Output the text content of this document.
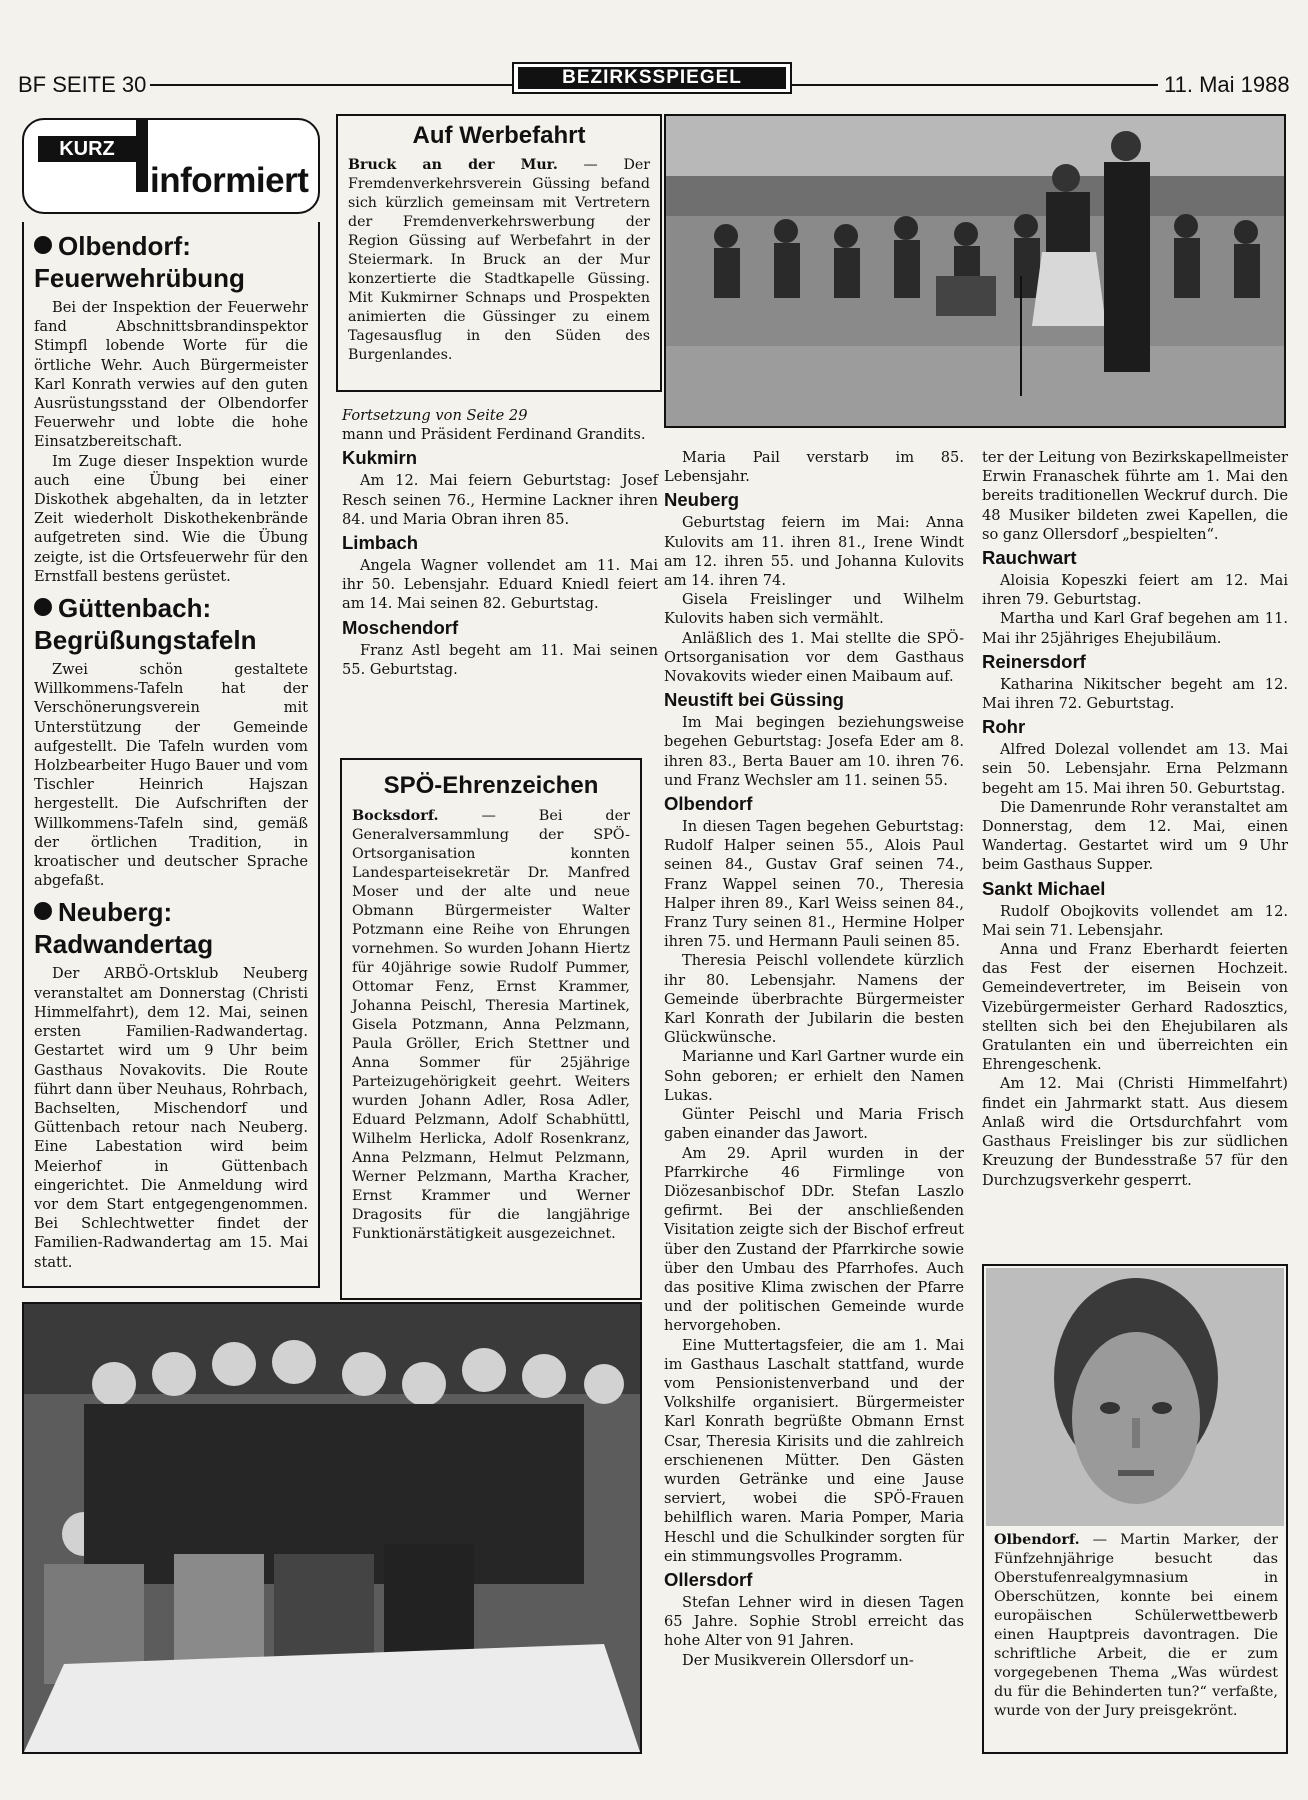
BF SEITE 30	BEZIRKSSPIEGEL	11. Mai 1988
KURZ
informiert
Olbendorf:
Feuerwehrübung

Bei der Inspektion der Feuerwehr fand Abschnittsbrandinspektor Stimpfl lobende Worte für die örtliche Wehr. Auch Bürgermeister Karl Konrath verwies auf den guten Ausrüstungsstand der Olbendorfer Feuerwehr und lobte die hohe Einsatzbereitschaft.

Im Zuge dieser Inspektion wurde auch eine Übung bei einer Diskothek abgehalten, da in letzter Zeit wiederholt Diskothekenbrände aufgetreten sind. Wie die Übung zeigte, ist die Ortsfeuerwehr für den Ernstfall bestens gerüstet.

Güttenbach:
Begrüßungstafeln

Zwei schön gestaltete Willkommens-Tafeln hat der Verschönerungsverein mit Unterstützung der Gemeinde aufgestellt. Die Tafeln wurden vom Holzbearbeiter Hugo Bauer und vom Tischler Heinrich Hajszan hergestellt. Die Aufschriften der Willkommens-Tafeln sind, gemäß der örtlichen Tradition, in kroatischer und deutscher Sprache abgefaßt.

Neuberg:
Radwandertag

Der ARBÖ-Ortsklub Neuberg veranstaltet am Donnerstag (Christi Himmelfahrt), dem 12. Mai, seinen ersten Familien-Radwandertag. Gestartet wird um 9 Uhr beim Gasthaus Novakovits. Die Route führt dann über Neuhaus, Rohrbach, Bachselten, Mischendorf und Güttenbach retour nach Neuberg. Eine Labestation wird beim Meierhof in Güttenbach eingerichtet. Die Anmeldung wird vor dem Start entgegengenommen. Bei Schlechtwetter findet der Familien-Radwandertag am 15. Mai statt.

Auf Werbefahrt
Bruck an der Mur. — Der Fremdenverkehrsverein Güssing befand sich kürzlich gemeinsam mit Vertretern der Fremdenverkehrswerbung der Region Güssing auf Werbefahrt in der Steiermark. In Bruck an der Mur konzertierte die Stadtkapelle Güssing. Mit Kukmirner Schnaps und Prospekten animierten die Güssinger zu einem Tagesausflug in den Süden des Burgenlandes.
Fortsetzung von Seite 29
mann und Präsident Ferdinand Grandits.
Kukmirn

Am 12. Mai feiern Geburtstag: Josef Resch seinen 76., Hermine Lackner ihren 84. und Maria Obran ihren 85.

Limbach

Angela Wagner vollendet am 11. Mai ihr 50. Lebensjahr. Eduard Kniedl feiert am 14. Mai seinen 82. Geburtstag.

Moschendorf

Franz Astl begeht am 11. Mai seinen 55. Geburtstag.

SPÖ-Ehrenzeichen
Bocksdorf. — Bei der Generalversammlung der SPÖ-Ortsorganisation konnten Landesparteisekretär Dr. Manfred Moser und der alte und neue Obmann Bürgermeister Walter Potzmann eine Reihe von Ehrungen vornehmen. So wurden Johann Hiertz für 40jährige sowie Rudolf Pummer, Ottomar Fenz, Ernst Krammer, Johanna Peischl, Theresia Martinek, Gisela Potzmann, Anna Pelzmann, Paula Gröller, Erich Stettner und Anna Sommer für 25jährige Parteizugehörigkeit geehrt. Weiters wurden Johann Adler, Rosa Adler, Eduard Pelzmann, Adolf Schabhüttl, Wilhelm Herlicka, Adolf Rosenkranz, Anna Pelzmann, Helmut Pelzmann, Werner Pelzmann, Martha Kracher, Ernst Krammer und Werner Dragosits für die langjährige Funktionärstätigkeit ausgezeichnet.

Maria Pail verstarb im 85. Lebensjahr.

Neuberg

Geburtstag feiern im Mai: Anna Kulovits am 11. ihren 81., Irene Windt am 12. ihren 55. und Johanna Kulovits am 14. ihren 74.

Gisela Freislinger und Wilhelm Kulovits haben sich vermählt.

Anläßlich des 1. Mai stellte die SPÖ-Ortsorganisation vor dem Gasthaus Novakovits wieder einen Maibaum auf.

Neustift bei Güssing

Im Mai begingen beziehungsweise begehen Geburtstag: Josefa Eder am 8. ihren 83., Berta Bauer am 10. ihren 76. und Franz Wechsler am 11. seinen 55.

Olbendorf

In diesen Tagen begehen Geburtstag: Rudolf Halper seinen 55., Alois Paul seinen 84., Gustav Graf seinen 74., Franz Wappel seinen 70., Theresia Halper ihren 89., Karl Weiss seinen 84., Franz Tury seinen 81., Hermine Holper ihren 75. und Hermann Pauli seinen 85.

Theresia Peischl vollendete kürzlich ihr 80. Lebensjahr. Namens der Gemeinde überbrachte Bürgermeister Karl Konrath der Jubilarin die besten Glückwünsche.

Marianne und Karl Gartner wurde ein Sohn geboren; er erhielt den Namen Lukas.

Günter Peischl und Maria Frisch gaben einander das Jawort.

Am 29. April wurden in der Pfarrkirche 46 Firmlinge von Diözesanbischof DDr. Stefan Laszlo gefirmt. Bei der anschließenden Visitation zeigte sich der Bischof erfreut über den Zustand der Pfarrkirche sowie über den Umbau des Pfarrhofes. Auch das positive Klima zwischen der Pfarre und der politischen Gemeinde wurde hervorgehoben.

Eine Muttertagsfeier, die am 1. Mai im Gasthaus Laschalt stattfand, wurde vom Pensionistenverband und der Volkshilfe organisiert. Bürgermeister Karl Konrath begrüßte Obmann Ernst Csar, Theresia Kirisits und die zahlreich erschienenen Mütter. Den Gästen wurden Getränke und eine Jause serviert, wobei die SPÖ-Frauen behilflich waren. Maria Pomper, Maria Heschl und die Schulkinder sorgten für ein stimmungsvolles Programm.

Ollersdorf

Stefan Lehner wird in diesen Tagen 65 Jahre. Sophie Strobl erreicht das hohe Alter von 91 Jahren.

Der Musikverein Ollersdorf un-

ter der Leitung von Bezirkskapellmeister Erwin Franaschek führte am 1. Mai den bereits traditionellen Weckruf durch. Die 48 Musiker bildeten zwei Kapellen, die so ganz Ollersdorf „bespielten“.

Rauchwart

Aloisia Kopeszki feiert am 12. Mai ihren 79. Geburtstag.

Martha und Karl Graf begehen am 11. Mai ihr 25jähriges Ehejubiläum.

Reinersdorf

Katharina Nikitscher begeht am 12. Mai ihren 72. Geburtstag.

Rohr

Alfred Dolezal vollendet am 13. Mai sein 50. Lebensjahr. Erna Pelzmann begeht am 15. Mai ihren 50. Geburtstag.

Die Damenrunde Rohr veranstaltet am Donnerstag, dem 12. Mai, einen Wandertag. Gestartet wird um 9 Uhr beim Gasthaus Supper.

Sankt Michael

Rudolf Obojkovits vollendet am 12. Mai sein 71. Lebensjahr.

Anna und Franz Eberhardt feierten das Fest der eisernen Hochzeit. Gemeindevertreter, im Beisein von Vizebürgermeister Gerhard Radosztics, stellten sich bei den Ehejubilaren als Gratulanten ein und überreichten ein Ehrengeschenk.

Am 12. Mai (Christi Himmelfahrt) findet ein Jahrmarkt statt. Aus diesem Anlaß wird die Ortsdurchfahrt vom Gasthaus Freislinger bis zur südlichen Kreuzung der Bundesstraße 57 für den Durchzugsverkehr gesperrt.

Olbendorf. — Martin Marker, der Fünfzehnjährige besucht das Oberstufenrealgymnasium in Oberschützen, konnte bei einem europäischen Schülerwettbewerb einen Hauptpreis davontragen. Die schriftliche Arbeit, die er zum vorgegebenen Thema „Was würdest du für die Behinderten tun?“ verfaßte, wurde von der Jury preisgekrönt.
